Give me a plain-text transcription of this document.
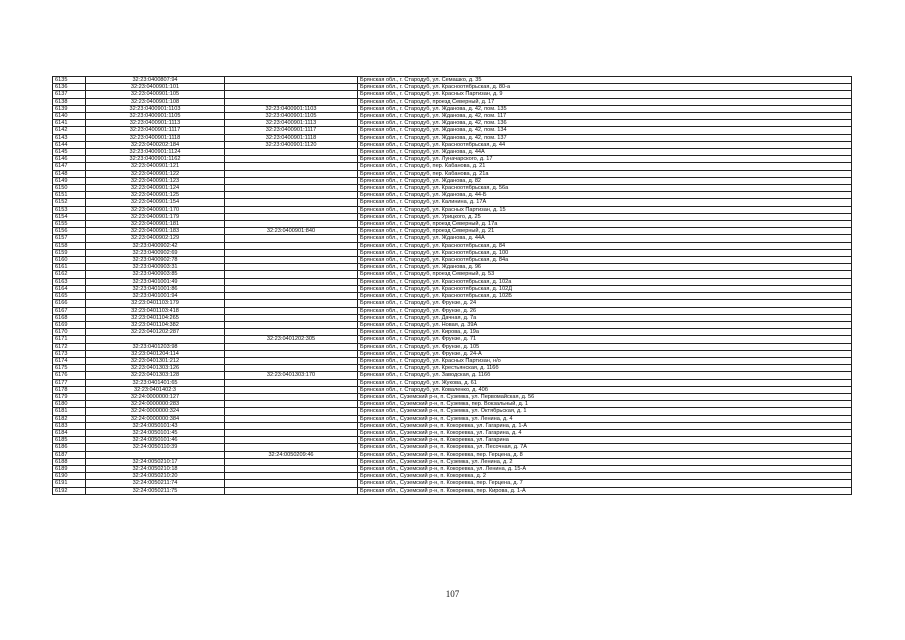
6135	32:23:0400807:94		Брянская обл., г. Стародуб, ул. Семашко, д. 35
6136	32:23:0400901:101		Брянская обл., г. Стародуб, ул. Красноотябрьская, д. 80-а
6137	32:23:0400901:105		Брянская обл., г. Стародуб, ул. Красных Партизан, д. 9
6138	32:23:0400901:108		Брянская обл., г. Стародуб, проезд Северный, д. 17
6139	32:23:0400901:1103	32:23:0400901:1103	Брянская обл., г. Стародуб, ул. Жданова, д. 42, пом. 135
6140	32:23:0400901:1105	32:23:0400901:1105	Брянская обл., г. Стародуб, ул. Жданова, д. 42, пом. 117
6141	32:23:0400901:1113	32:23:0400901:1113	Брянская обл., г. Стародуб, ул. Жданова, д. 42, пом. 136
6142	32:23:0400901:1117	32:23:0400901:1117	Брянская обл., г. Стародуб, ул. Жданова, д. 42, пом. 134
6143	32:23:0400901:1118	32:23:0400901:1118	Брянская обл., г. Стародуб, ул. Жданова, д. 42, пом. 137
6144	32:23:0400202:184	32:23:0400901:1120	Брянская обл., г. Стародуб, ул. Красноотябрьская, д. 44
6145	32:23:0400901:1124		Брянская обл., г. Стародуб, ул. Жданова, д. 44А
6146	32:23:0400901:1162		Брянская обл., г. Стародуб, ул. Луначарского, д. 17
6147	32:23:0400901:121		Брянская обл., г. Стародуб, пер. Кабанова, д. 21
6148	32:23:0400901:122		Брянская обл., г. Стародуб, пер. Кабанова, д. 21а
6149	32:23:0400901:123		Брянская обл., г. Стародуб, ул. Жданова, д. 82
6150	32:23:0400901:124		Брянская обл., г. Стародуб, ул. Красноотябрьская, д. 56а
6151	32:23:0400901:125		Брянская обл., г. Стародуб, ул. Жданова, д. 44-Б
6152	32:23:0400901:154		Брянская обл., г. Стародуб, ул. Калинина, д. 17А
6153	32:23:0400901:170		Брянская обл., г. Стародуб, ул. Красных Партизан, д. 15
6154	32:23:0400901:179		Брянская обл., г. Стародуб, ул. Урицкого, д. 25
6155	32:23:0400901:181		Брянская обл., г. Стародуб, проезд Северный, д. 17а
6156	32:23:0400901:183	32:23:0400901:840	Брянская обл., г. Стародуб, проезд Северный, д. 21
6157	32:23:0400902:129		Брянская обл., г. Стародуб, ул. Жданова, д. 44А
6158	32:23:0400902:42		Брянская обл., г. Стародуб, ул. Красноотябрьская, д. 84
6159	32:23:0400902:69		Брянская обл., г. Стародуб, ул. Красноотябрьская, д. 100
6160	32:23:0400902:78		Брянская обл., г. Стародуб, ул. Красноотябрьская, д. 84а
6161	32:23:0400903:31		Брянская обл., г. Стародуб, ул. Жданова, д. 96
6162	32:23:0400903:85		Брянская обл., г. Стародуб, проезд Северный, д. 53
6163	32:23:0401001:49		Брянская обл., г. Стародуб, ул. Красноотябрьская, д. 102а
6164	32:23:0401001:86		Брянская обл., г. Стародуб, ул. Красноотябрьская, д. 102Д
6165	32:23:0401001:94		Брянская обл., г. Стародуб, ул. Красноотябрьская, д. 102Б
6166	32:23:0401103:179		Брянская обл., г. Стародуб, ул. Фрунзе, д. 24
6167	32:23:0401103:418		Брянская обл., г. Стародуб, ул. Фрунзе, д. 26
6168	32:23:0401104:265		Брянская обл., г. Стародуб, ул. Дачная, д. 7а
6169	32:23:0401104:382		Брянская обл., г. Стародуб, ул. Новая, д. 39А
6170	32:23:0401202:287		Брянская обл., г. Стародуб, ул. Кирова, д. 19а
6171		32:23:0401202:305	Брянская обл., г. Стародуб, ул. Фрунзе, д. 71
6172	32:23:0401203:98		Брянская обл., г. Стародуб, ул. Фрунзе, д. 105
6173	32:23:0401204:114		Брянская обл., г. Стародуб, ул. Фрунзе, д. 24-А
6174	32:23:0401301:212		Брянская обл., г. Стародуб, ул. Красных Партизан, н/о
6175	32:23:0401303:126		Брянская обл., г. Стародуб, ул. Крестьянская, д. 116б
6176	32:23:0401303:128	32:23:0401303:170	Брянская обл., г. Стародуб, ул. Заводская, д. 116б
6177	32:23:0401401:65		Брянская обл., г. Стародуб, ул. Жукова, д. 61
6178	32:23:0401402:3		Брянская обл., г. Стародуб, ул. Коваленко, д. 40б
6179	32:24:0000000:127		Брянская обл., Суземский р-н, п. Суземка, ул. Первомайская, д. 56
6180	32:24:0000000:283		Брянская обл., Суземский р-н, п. Суземка, пер. Вокзальный, д. 1
6181	32:24:0000000:324		Брянская обл., Суземский р-н, п. Суземка, ул. Октябрьская, д. 1
6182	32:24:0000000:384		Брянская обл., Суземский р-н, п. Суземка, ул. Ленина, д. 4
6183	32:24:0050101:43		Брянская обл., Суземский р-н, п. Кокоревка, ул. Гагарина, д. 1-А
6184	32:24:0050101:45		Брянская обл., Суземский р-н, п. Кокоревка, ул. Гагарина, д. 4
6185	32:24:0050101:46		Брянская обл., Суземский р-н, п. Кокоревка, ул. Гагарина
6186	32:24:0050110:39		Брянская обл., Суземский р-н, п. Кокоревка, ул. Песочная, д. 7А
6187		32:24:0050209:46	Брянская обл., Суземский р-н, п. Кокоревка, пер. Герцена, д. 8
6188	32:24:0050210:17		Брянская обл., Суземский р-н, п. Суземка, ул. Ленина, д. 2
6189	32:24:0050210:18		Брянская обл., Суземский р-н, п. Кокоревка, ул. Ленина, д. 15-А
6190	32:24:0050210:20		Брянская обл., Суземский р-н, п. Кокоревка, д. 2
6191	32:24:0050211:74		Брянская обл., Суземский р-н, п. Кокоревка, пер. Герцена, д. 7
6192	32:24:0050211:75		Брянская обл., Суземский р-н, п. Кокоревка, пер. Кирова, д. 1-А
107
